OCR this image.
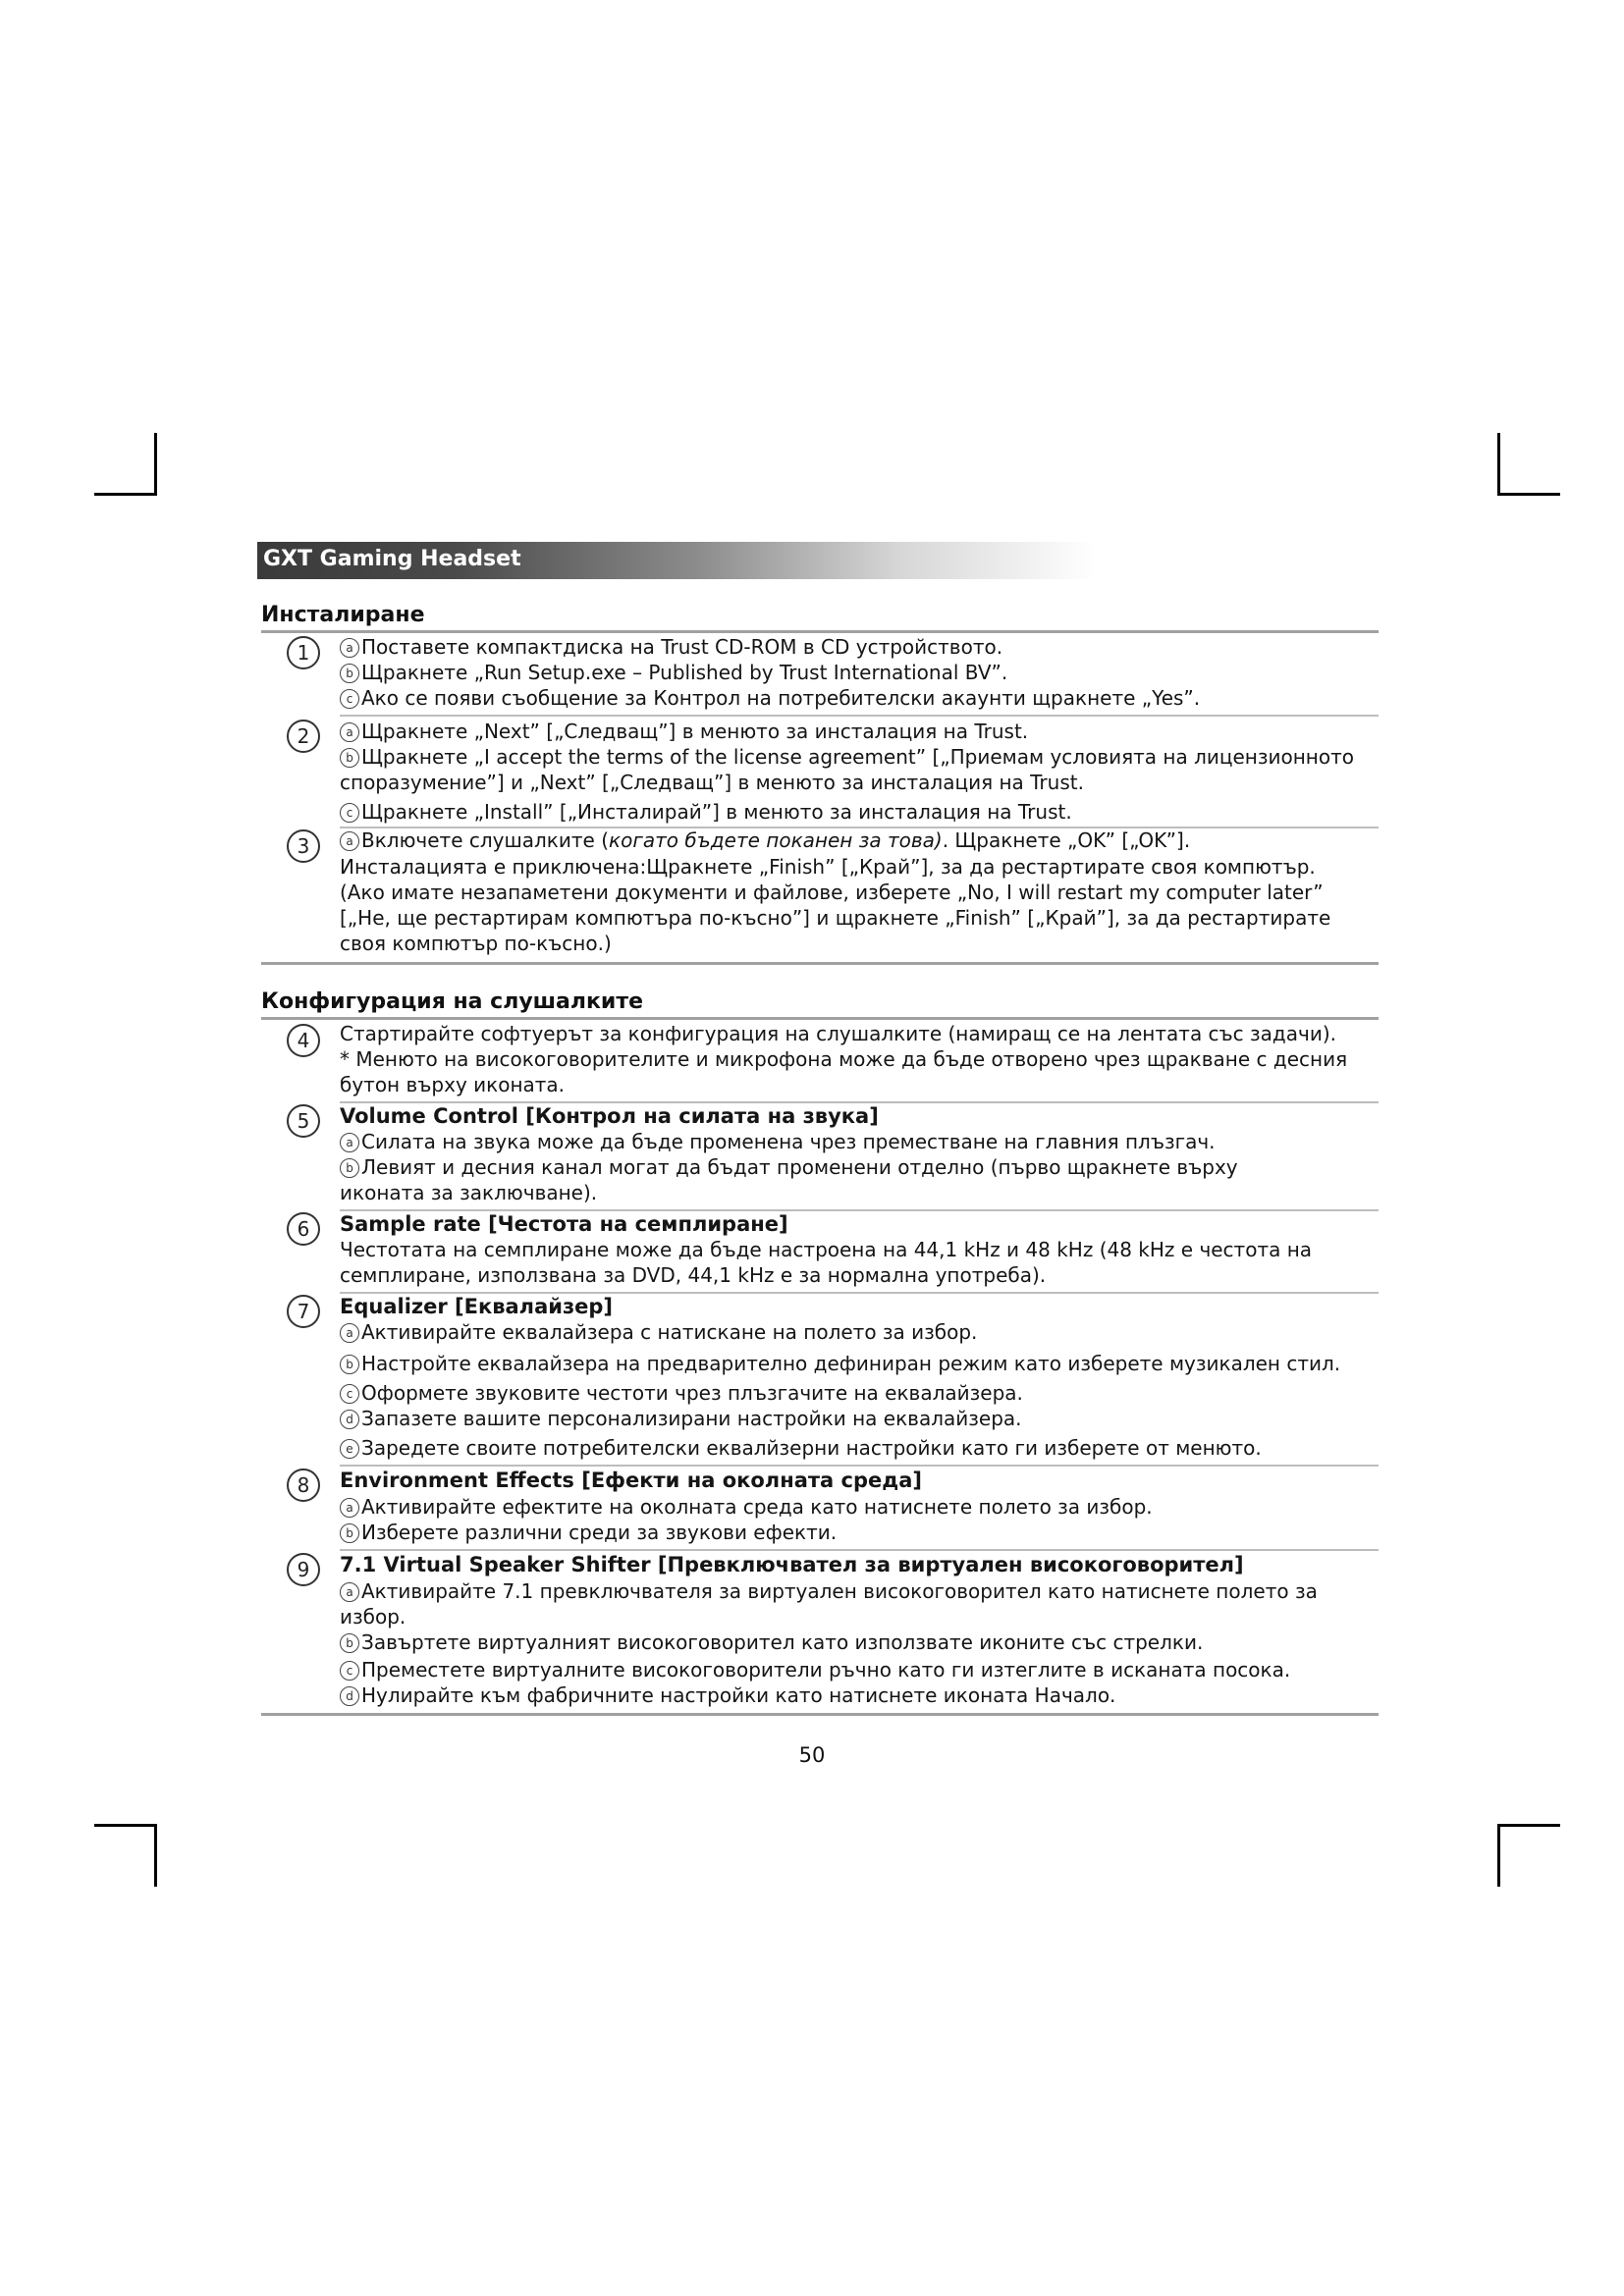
GXT Gaming Headset
Инсталиране
1	a Поставете компактдиска на Trust CD-ROM в CD устройството.
b Щракнете „Run Setup.exe – Published by Trust International BV”.
c Ако се появи съобщение за Контрол на потребителски акаунти щракнете „Yes”.
2	a Щракнете „Next” [„Следващ”] в менюто за инсталация на Trust.
b Щракнете „I accept the terms of the license agreement” [„Приемам условията на лицензионното
споразумение”] и „Next” [„Следващ”] в менюто за инсталация на Trust.
c Щракнете „Install” [„Инсталирай”] в менюто за инсталация на Trust.
3	a Включете слушалките (когато бъдете поканен за това). Щракнете „OK” [„OK”].
Инсталацията е приключена:Щракнете „Finish” [„Край”], за да рестартирате своя компютър.
(Ако имате незапаметени документи и файлове, изберете „No, I will restart my computer later”
[„Не, ще рестартирам компютъра по-късно”] и щракнете „Finish” [„Край”], за да рестартирате
своя компютър по-късно.)
Конфигурация на слушалките
4	Стартирайте софтуерът за конфигурация на слушалките (намиращ се на лентата със задачи).
* Менюто на високоговорителите и микрофона може да бъде отворено чрез щракване с десния
бутон върху иконата.
5	Volume Control [Контрол на силата на звука]
a Силата на звука може да бъде променена чрез преместване на главния плъзгач.
b Левият и десния канал могат да бъдат променени отделно (първо щракнете върху
иконата за заключване).
6	Sample rate [Честота на семплиране]
Честотата на семплиране може да бъде настроена на 44,1 kHz и 48 kHz (48 kHz е честота на
семплиране, използвана за DVD, 44,1 kHz е за нормална употреба).
7	Equalizer [Еквалайзер]
a Активирайте еквалайзера с натискане на полето за избор.
b Настройте еквалайзера на предварително дефиниран режим като изберете музикален стил.
c Оформете звуковите честоти чрез плъзгачите на еквалайзера.
d Запазете вашите персонализирани настройки на еквалайзера.
e Заредете своите потребителски еквалйзерни настройки като ги изберете от менюто.
8	Environment Effects [Ефекти на околната среда]
a Активирайте ефектите на околната среда като натиснете полето за избор.
b Изберете различни среди за звукови ефекти.
9	7.1 Virtual Speaker Shifter [Превключвател за виртуален високоговорител]
a Активирайте 7.1 превключвателя за виртуален високоговорител като натиснете полето за
избор.
b Завъртете виртуалният високоговорител като използвате иконите със стрелки.
c Преместете виртуалните високоговорители ръчно като ги изтеглите в исканата посока.
d Нулирайте към фабричните настройки като натиснете иконата Начало.
50
